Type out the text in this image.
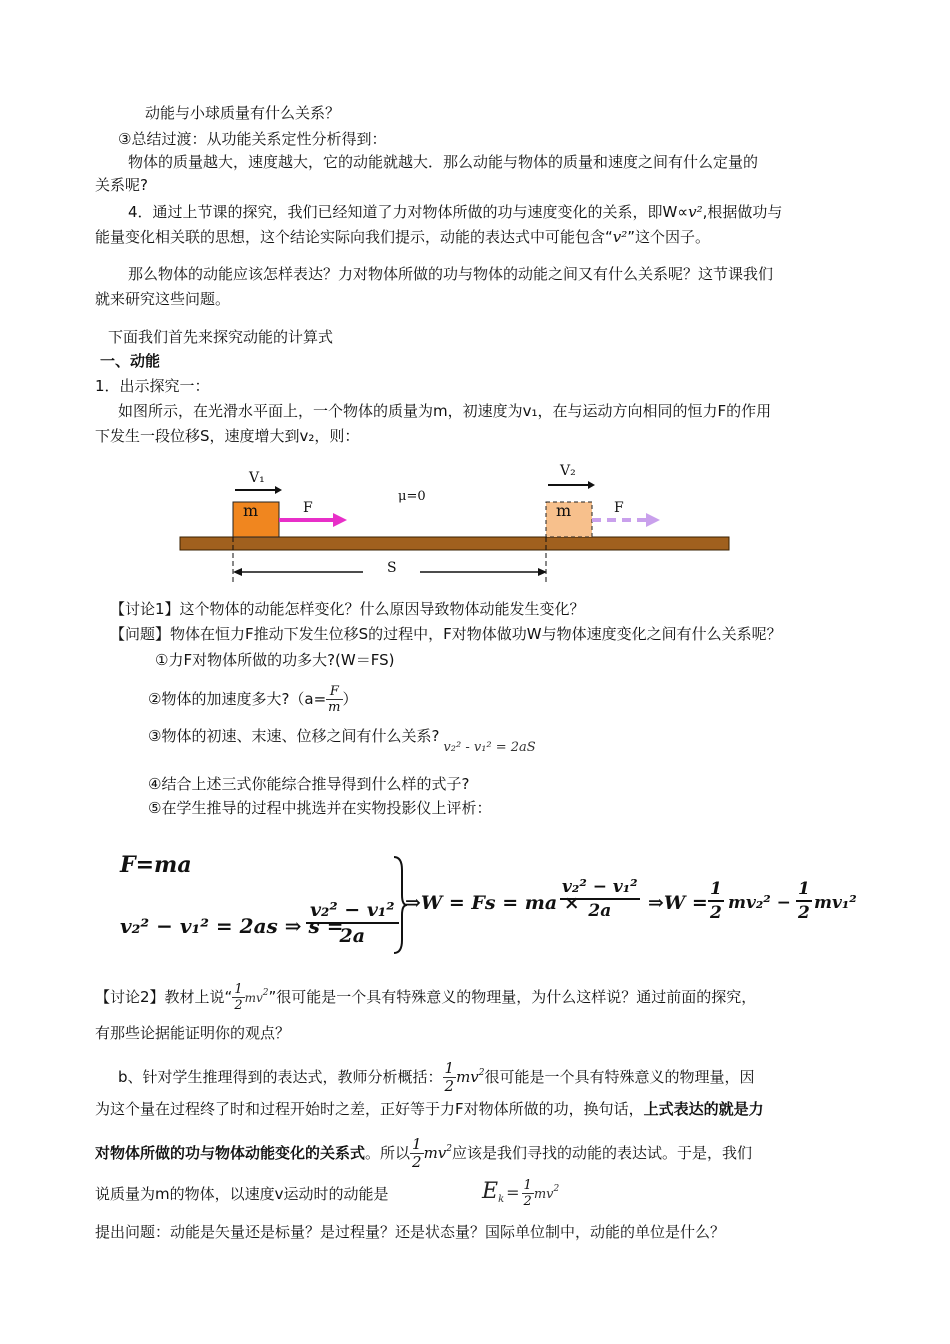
动能与小球质量有什么关系？
③总结过渡：从功能关系定性分析得到：
物体的质量越大，速度越大，它的动能就越大．那么动能与物体的质量和速度之间有什么定量的
关系呢?
4．通过上节课的探究，我们已经知道了力对物体所做的功与速度变化的关系，即W∝v²,根据做功与
能量变化相关联的思想，这个结论实际向我们提示，动能的表达式中可能包含“v²”这个因子。
那么物体的动能应该怎样表达？力对物体所做的功与物体的动能之间又有什么关系呢？这节课我们
就来研究这些问题。
下面我们首先来探究动能的计算式
一、动能
1．出示探究一：
如图所示，在光滑水平面上，一个物体的质量为m，初速度为v₁，在与运动方向相同的恒力F的作用
下发生一段位移S，速度增大到v₂，则：
m
V₁
F
μ=0
m
V₂
F
S
【讨论1】这个物体的动能怎样变化？什么原因导致物体动能发生变化？
【问题】物体在恒力F推动下发生位移S的过程中，F对物体做功W与物体速度变化之间有什么关系呢？
①力F对物体所做的功多大?(W＝FS)
②物体的加速度多大?（a= $\frac{F}{m}$ ）
③物体的初速、末速、位移之间有什么关系?v₂² - v₁² = 2aS
④结合上述三式你能综合推导得到什么样的式子?
⑤在学生推导的过程中挑选并在实物投影仪上评析：
F=ma
v₂² − v₁² = 2as ⇒ s =
$\frac{\text{v₂² − v₁²}}{2a}$ ⇒W = Fs = ma ×
$\frac{\text{v₂² − v₁²}}{2a}$ ⇒W =
1
2 mv₂² −
1
2 mv₁²
【讨论2】教材上说“ $\frac{1}{2} mv^2$”很可能是一个具有特殊意义的物理量，为什么这样说？通过前面的探究，
有那些论据能证明你的观点？
b、针对学生推理得到的表达式，教师分析概括： $\frac{1}{2} mv^2$很可能是一个具有特殊意义的物理量，因
为这个量在过程终了时和过程开始时之差，正好等于力F对物体所做的功，换句话，上式表达的就是力
对物体所做的功与物体动能变化的关系式。所以 $\frac{1}{2} mv^2$应该是我们寻找的动能的表达试。于是，我们
说质量为m的物体，以速度v运动时的动能是	$E_k = \frac{1}{2} mv^2$
提出问题：动能是矢量还是标量？是过程量？还是状态量？国际单位制中，动能的单位是什么？
